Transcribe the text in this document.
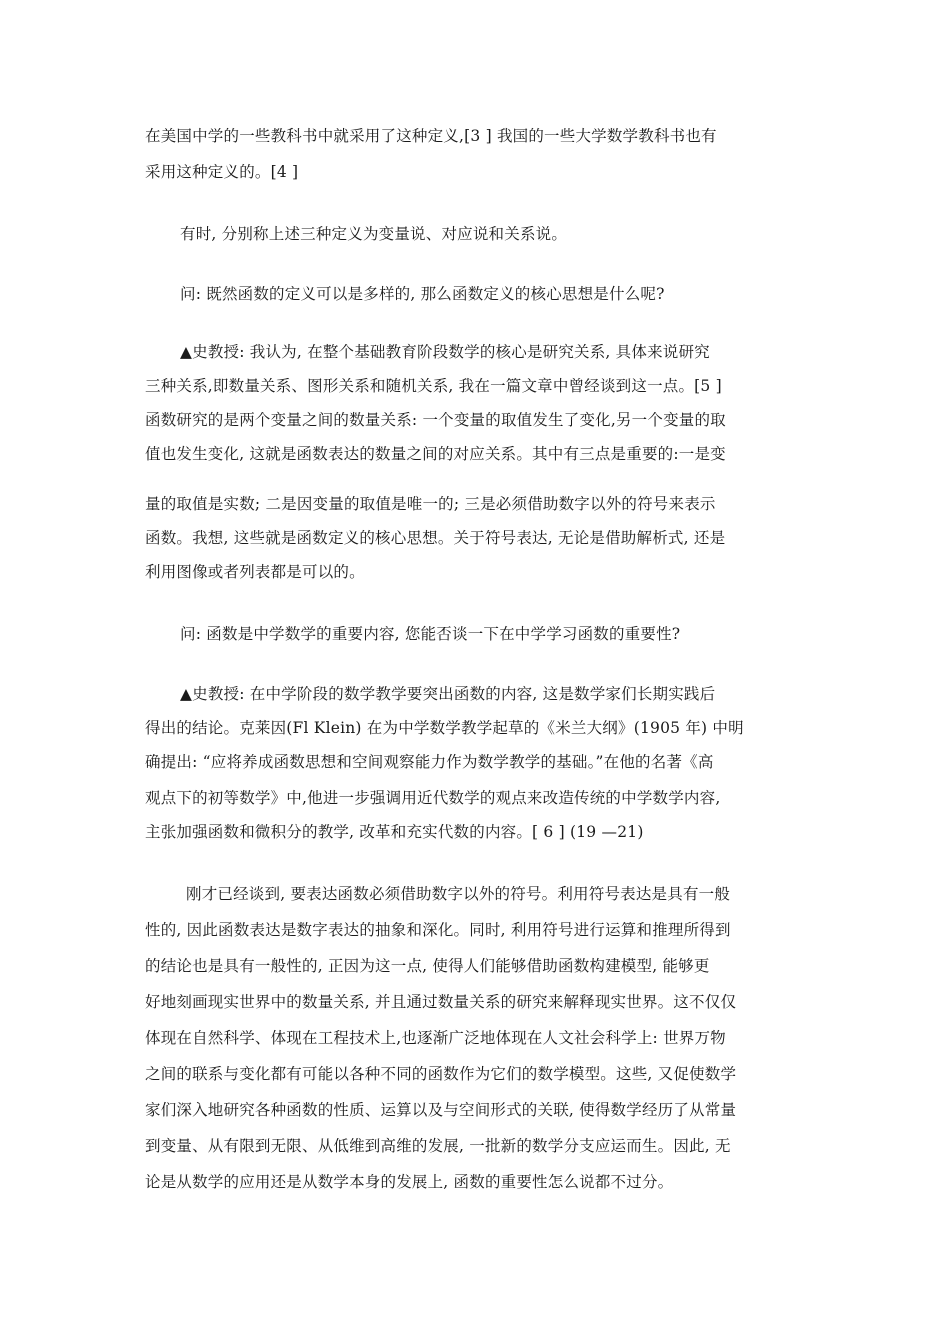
在美国中学的一些教科书中就采用了这种定义,[3 ] 我国的一些大学数学教科书也有

采用这种定义的。[4 ]

有时, 分别称上述三种定义为变量说、对应说和关系说。

问: 既然函数的定义可以是多样的, 那么函数定义的核心思想是什么呢?

▲史教授: 我认为, 在整个基础教育阶段数学的核心是研究关系, 具体来说研究

三种关系,即数量关系、图形关系和随机关系, 我在一篇文章中曾经谈到这一点。[5 ]

函数研究的是两个变量之间的数量关系: 一个变量的取值发生了变化,另一个变量的取

值也发生变化, 这就是函数表达的数量之间的对应关系。其中有三点是重要的:一是变

量的取值是实数; 二是因变量的取值是唯一的; 三是必须借助数字以外的符号来表示

函数。我想, 这些就是函数定义的核心思想。关于符号表达, 无论是借助解析式, 还是

利用图像或者列表都是可以的。

问: 函数是中学数学的重要内容, 您能否谈一下在中学学习函数的重要性?

▲史教授: 在中学阶段的数学教学要突出函数的内容, 这是数学家们长期实践后

得出的结论。克莱因(Fl Klein) 在为中学数学教学起草的《米兰大纲》(1905 年) 中明

确提出: “应将养成函数思想和空间观察能力作为数学教学的基础。”在他的名著《高

观点下的初等数学》中,他进一步强调用近代数学的观点来改造传统的中学数学内容,

主张加强函数和微积分的教学, 改革和充实代数的内容。[ 6 ] (19 —21)

刚才已经谈到, 要表达函数必须借助数字以外的符号。利用符号表达是具有一般

性的, 因此函数表达是数字表达的抽象和深化。同时, 利用符号进行运算和推理所得到

的结论也是具有一般性的, 正因为这一点, 使得人们能够借助函数构建模型, 能够更

好地刻画现实世界中的数量关系, 并且通过数量关系的研究来解释现实世界。这不仅仅

体现在自然科学、体现在工程技术上,也逐渐广泛地体现在人文社会科学上: 世界万物

之间的联系与变化都有可能以各种不同的函数作为它们的数学模型。这些, 又促使数学

家们深入地研究各种函数的性质、运算以及与空间形式的关联, 使得数学经历了从常量

到变量、从有限到无限、从低维到高维的发展, 一批新的数学分支应运而生。因此, 无

论是从数学的应用还是从数学本身的发展上, 函数的重要性怎么说都不过分。
